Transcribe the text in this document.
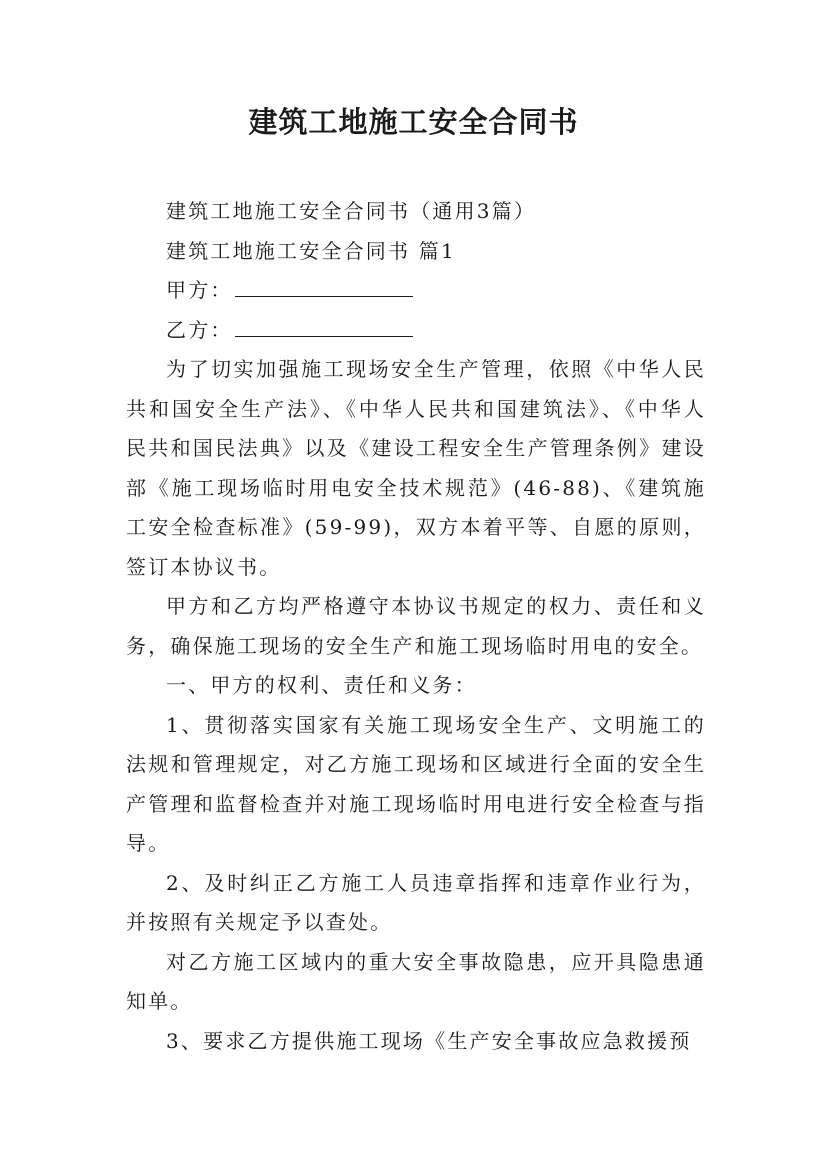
建筑工地施工安全合同书

建筑工地施工安全合同书（通用3篇）

建筑工地施工安全合同书 篇1

甲方：

乙方：

为了切实加强施工现场安全生产管理，依照《中华人民共和国安全生产法》、《中华人民共和国建筑法》、《中华人民共和国民法典》以及《建设工程安全生产管理条例》建设部《施工现场临时用电安全技术规范》(46-88)、《建筑施工安全检查标准》(59-99)，双方本着平等、自愿的原则，签订本协议书。

甲方和乙方均严格遵守本协议书规定的权力、责任和义务，确保施工现场的安全生产和施工现场临时用电的安全。

一、甲方的权利、责任和义务：

1、贯彻落实国家有关施工现场安全生产、文明施工的法规和管理规定，对乙方施工现场和区域进行全面的安全生产管理和监督检查并对施工现场临时用电进行安全检查与指导。

2、及时纠正乙方施工人员违章指挥和违章作业行为，并按照有关规定予以查处。

对乙方施工区域内的重大安全事故隐患，应开具隐患通知单。

3、要求乙方提供施工现场《生产安全事故应急救援预
